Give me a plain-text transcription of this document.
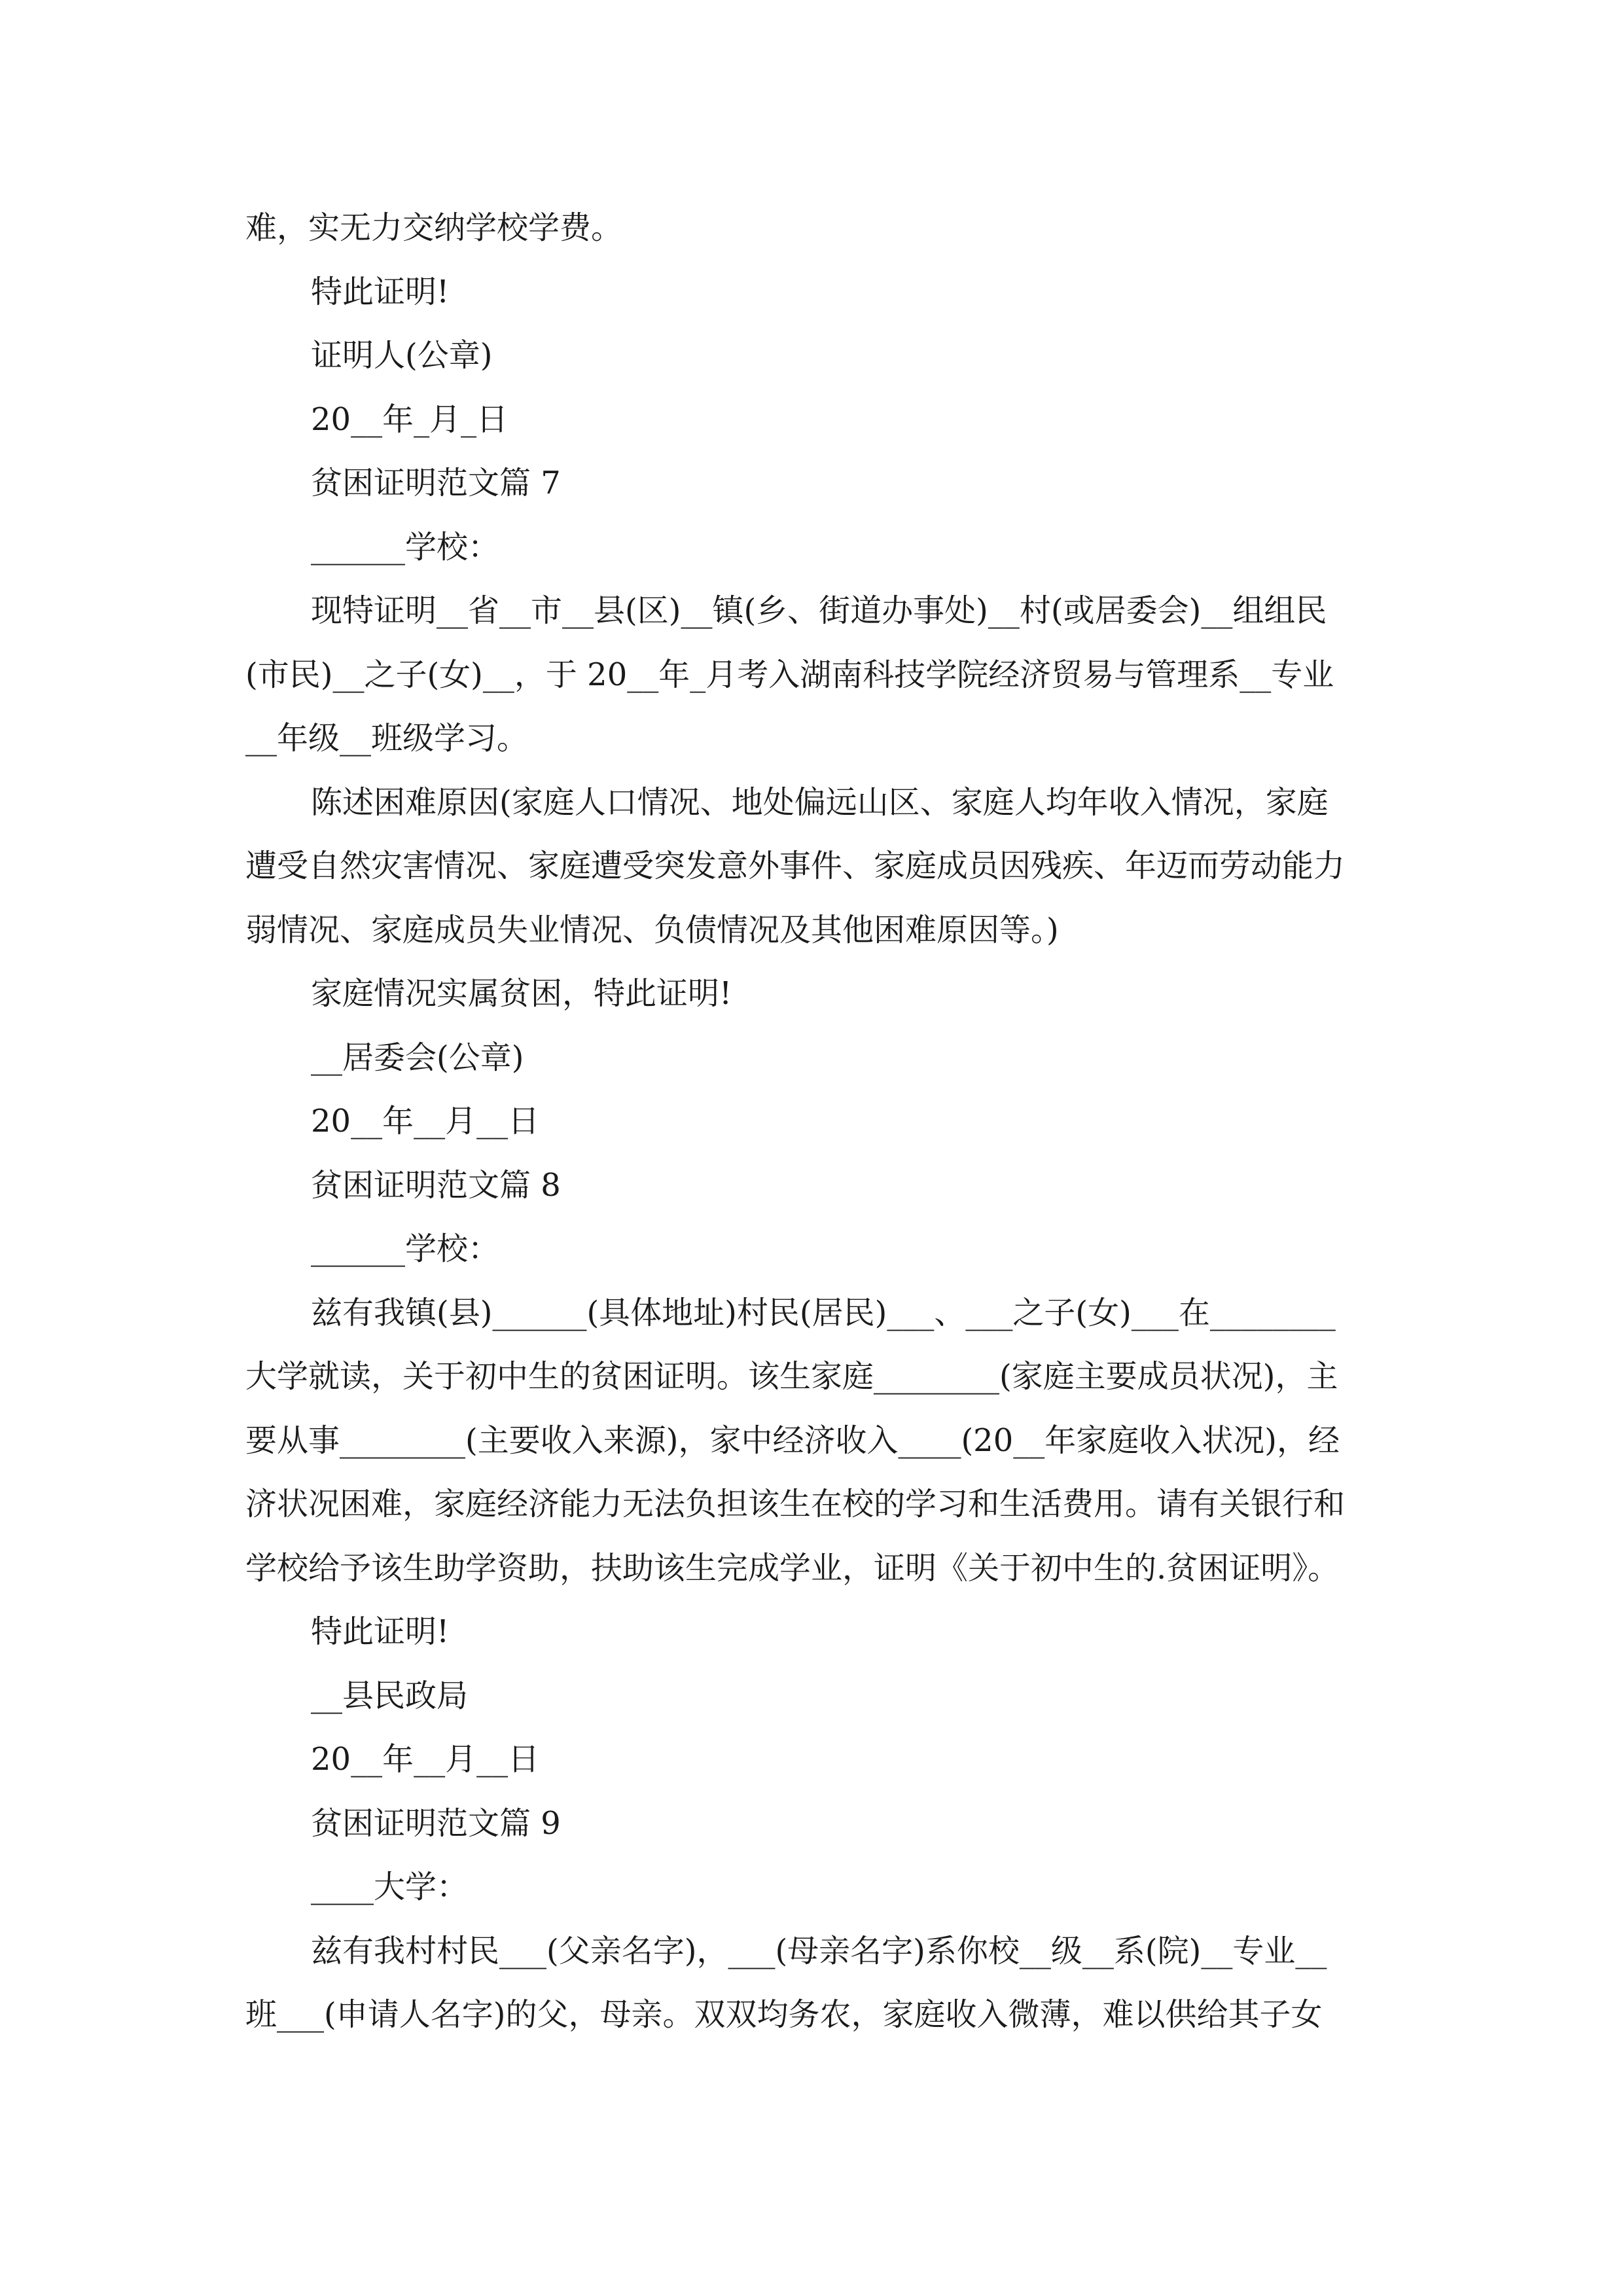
难，实无力交纳学校学费。
特此证明!
证明人(公章)
20__年_月_日
贫困证明范文篇 7
______学校：
现特证明__省__市__县(区)__镇(乡、街道办事处)__村(或居委会)__组组民
(市民)__之子(女)__，于 20__年_月考入湖南科技学院经济贸易与管理系__专业
__年级__班级学习。
陈述困难原因(家庭人口情况、地处偏远山区、家庭人均年收入情况，家庭
遭受自然灾害情况、家庭遭受突发意外事件、家庭成员因残疾、年迈而劳动能力
弱情况、家庭成员失业情况、负债情况及其他困难原因等。)
家庭情况实属贫困，特此证明!
__居委会(公章)
20__年__月__日
贫困证明范文篇 8
______学校：
兹有我镇(县)______(具体地址)村民(居民)___、___之子(女)___在________
大学就读，关于初中生的贫困证明。该生家庭________(家庭主要成员状况)，主
要从事________(主要收入来源)，家中经济收入____(20__年家庭收入状况)，经
济状况困难，家庭经济能力无法负担该生在校的学习和生活费用。请有关银行和
学校给予该生助学资助，扶助该生完成学业，证明《关于初中生的.贫困证明》。
特此证明!
__县民政局
20__年__月__日
贫困证明范文篇 9
____大学：
兹有我村村民___(父亲名字)，___(母亲名字)系你校__级__系(院)__专业__
班___(申请人名字)的父，母亲。双双均务农，家庭收入微薄，难以供给其子女
